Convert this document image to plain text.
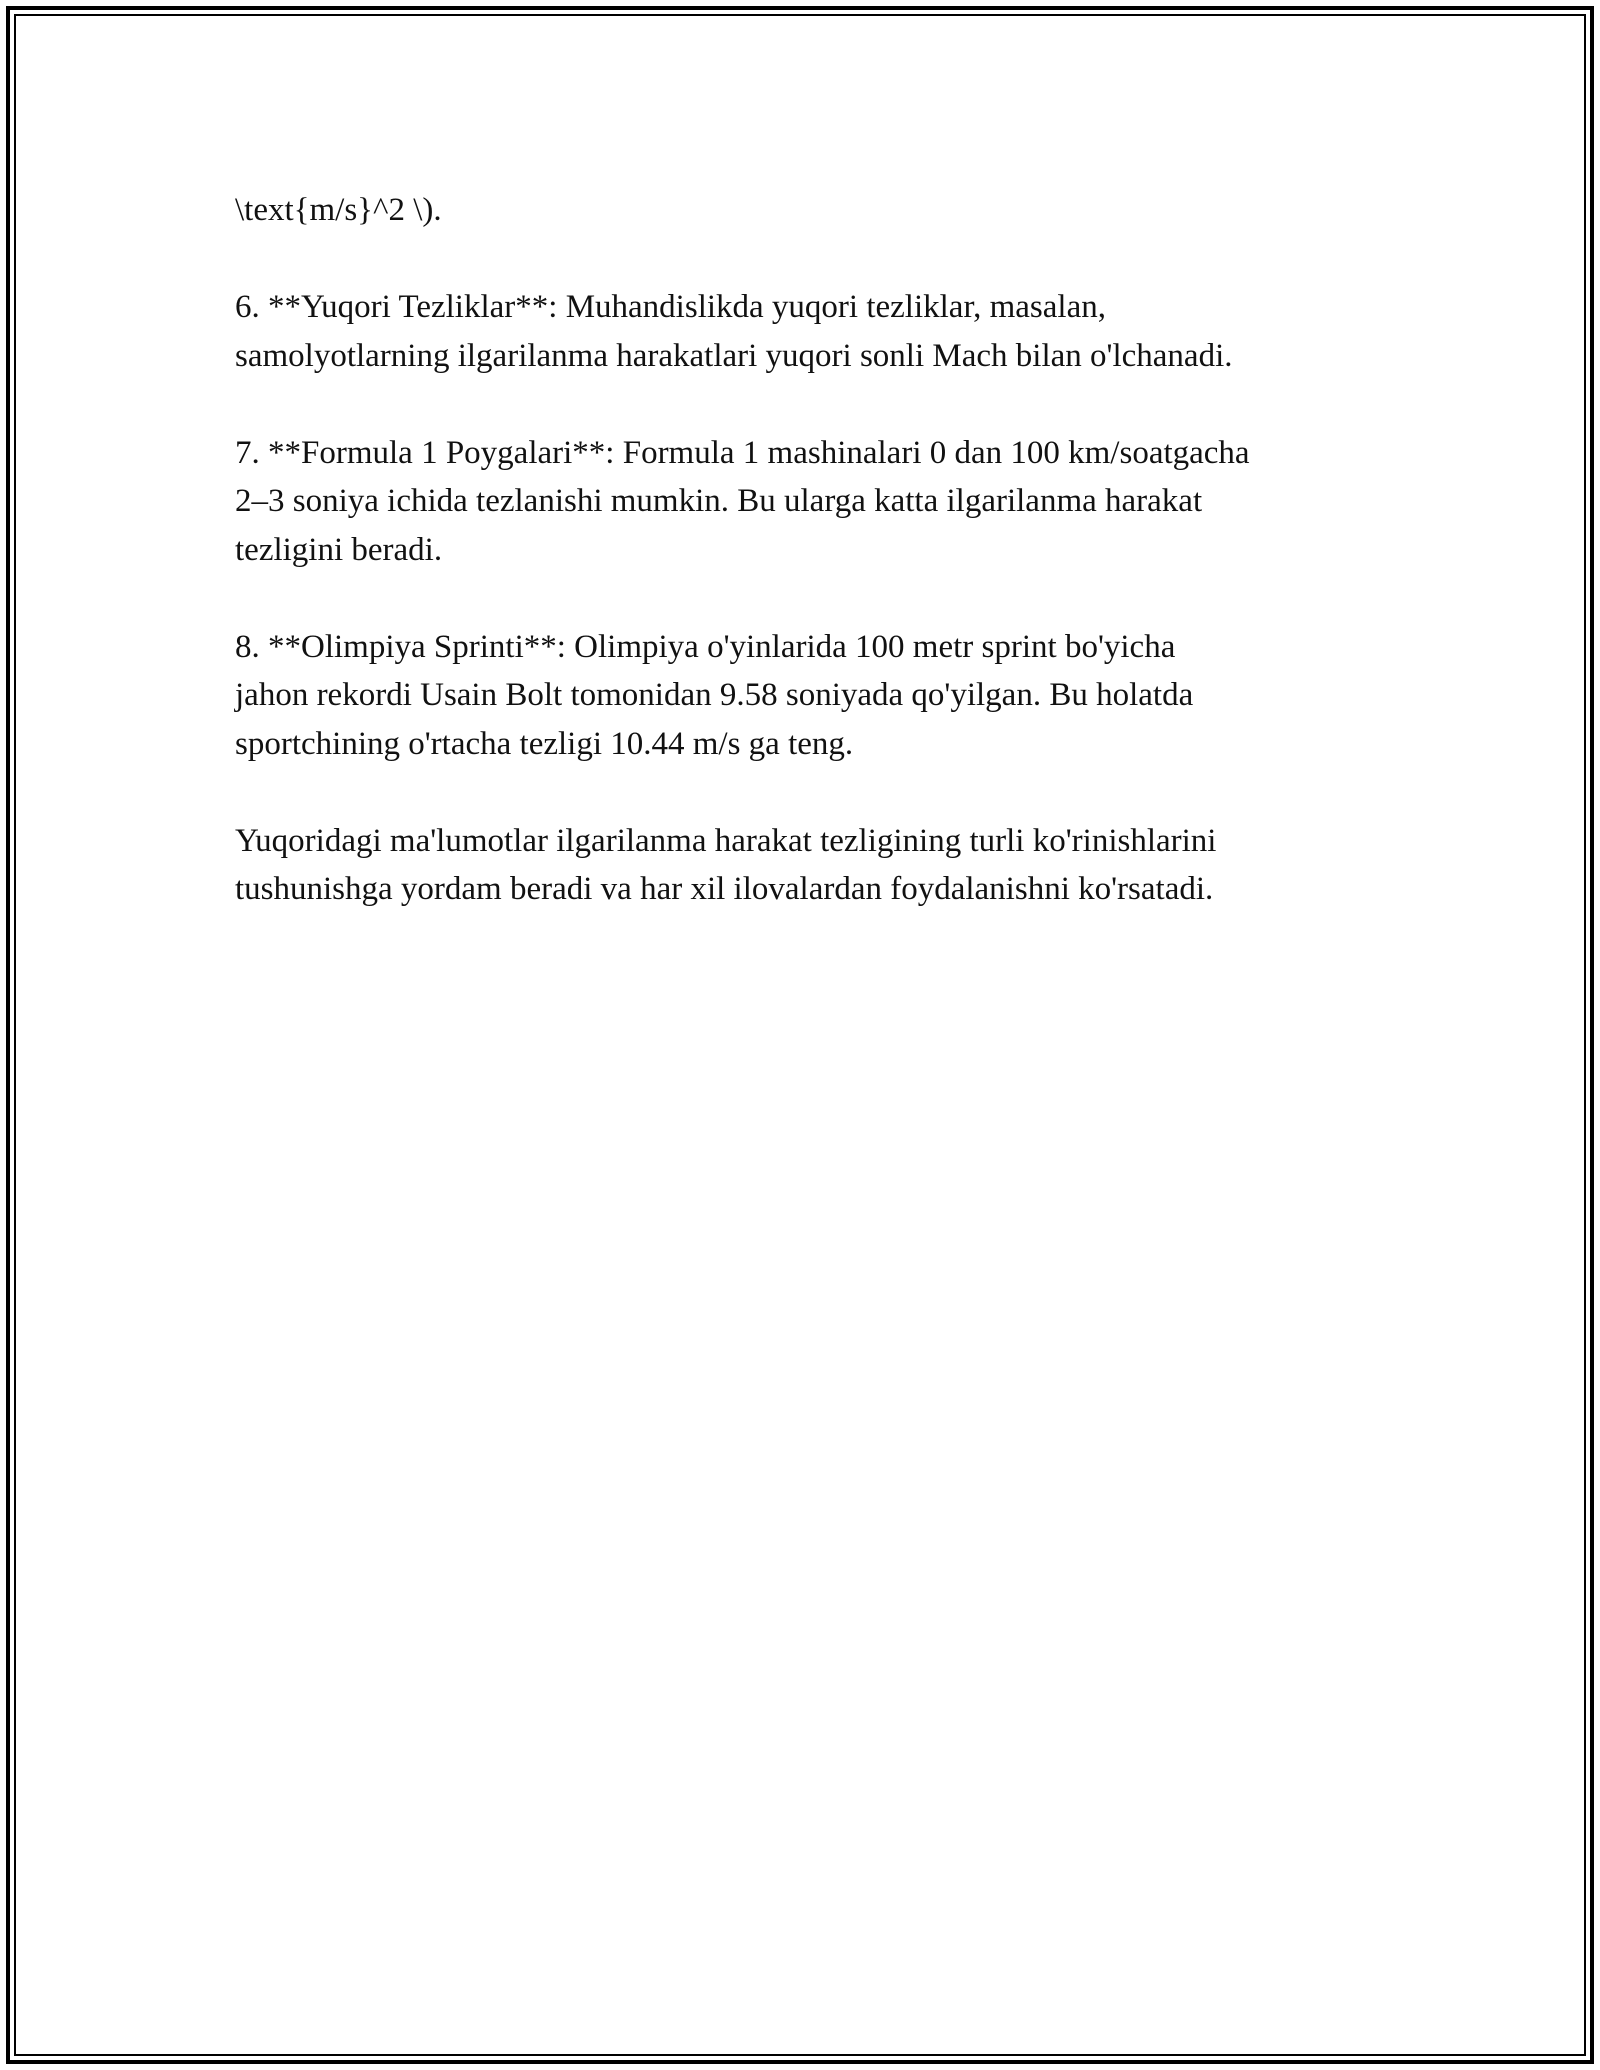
\text{m/s}^2 \).

6. **Yuqori Tezliklar**: Muhandislikda yuqori tezliklar, masalan,
samolyotlarning ilgarilanma harakatlari yuqori sonli Mach bilan o'lchanadi.

7. **Formula 1 Poygalari**: Formula 1 mashinalari 0 dan 100 km/soatgacha
2–3 soniya ichida tezlanishi mumkin. Bu ularga katta ilgarilanma harakat
tezligini beradi.

8. **Olimpiya Sprinti**: Olimpiya o'yinlarida 100 metr sprint bo'yicha
jahon rekordi Usain Bolt tomonidan 9.58 soniyada qo'yilgan. Bu holatda
sportchining o'rtacha tezligi 10.44 m/s ga teng.

Yuqoridagi ma'lumotlar ilgarilanma harakat tezligining turli ko'rinishlarini
tushunishga yordam beradi va har xil ilovalardan foydalanishni ko'rsatadi.
